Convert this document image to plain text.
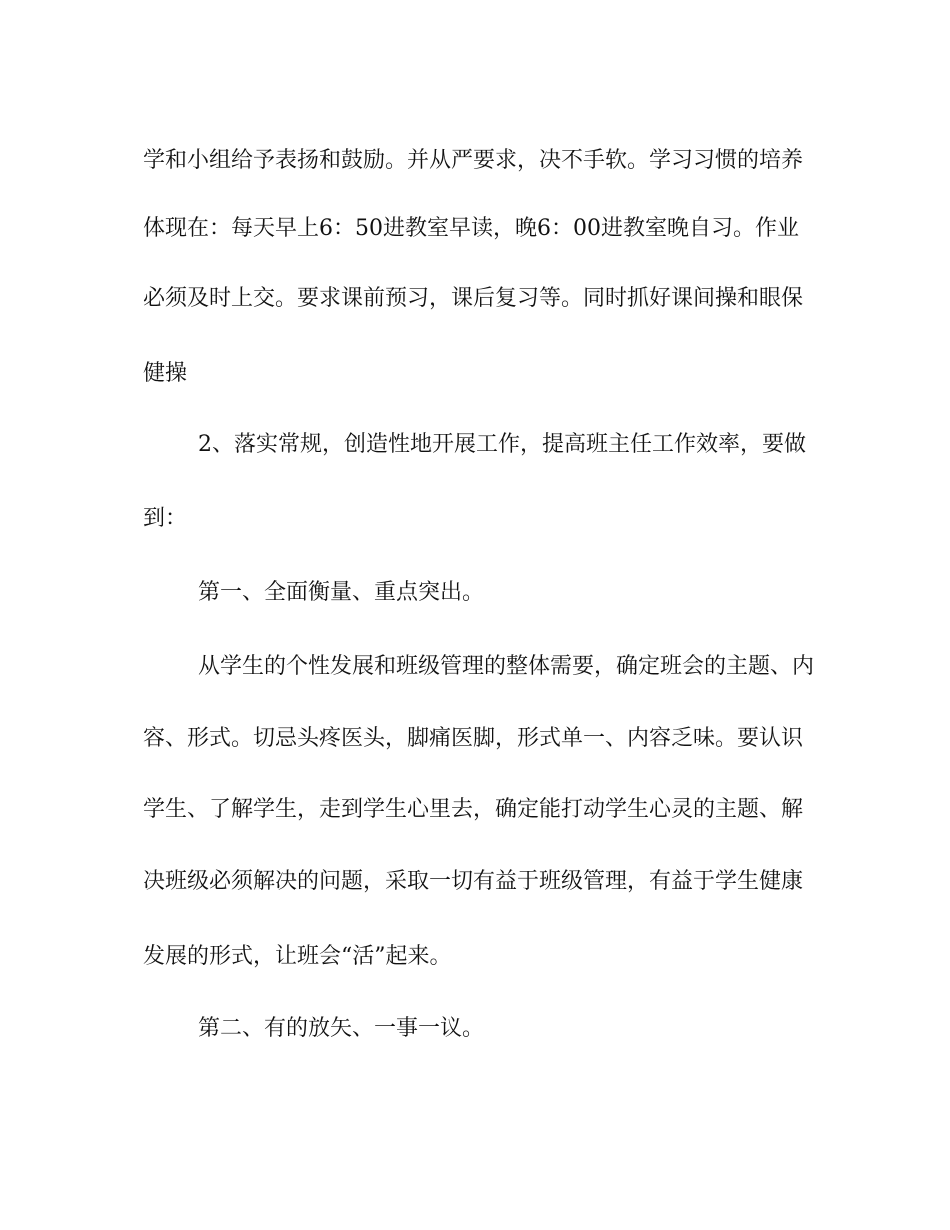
学和小组给予表扬和鼓励。并从严要求，决不手软。学习习惯的培养

体现在：每天早上6：50进教室早读，晚6：00进教室晚自习。作业

必须及时上交。要求课前预习，课后复习等。同时抓好课间操和眼保

健操

2、落实常规，创造性地开展工作，提高班主任工作效率，要做

到：

第一、全面衡量、重点突出。

从学生的个性发展和班级管理的整体需要，确定班会的主题、内

容、形式。切忌头疼医头，脚痛医脚，形式单一、内容乏味。要认识

学生、了解学生，走到学生心里去，确定能打动学生心灵的主题、解

决班级必须解决的问题，采取一切有益于班级管理，有益于学生健康

发展的形式，让班会“活”起来。

第二、有的放矢、一事一议。
